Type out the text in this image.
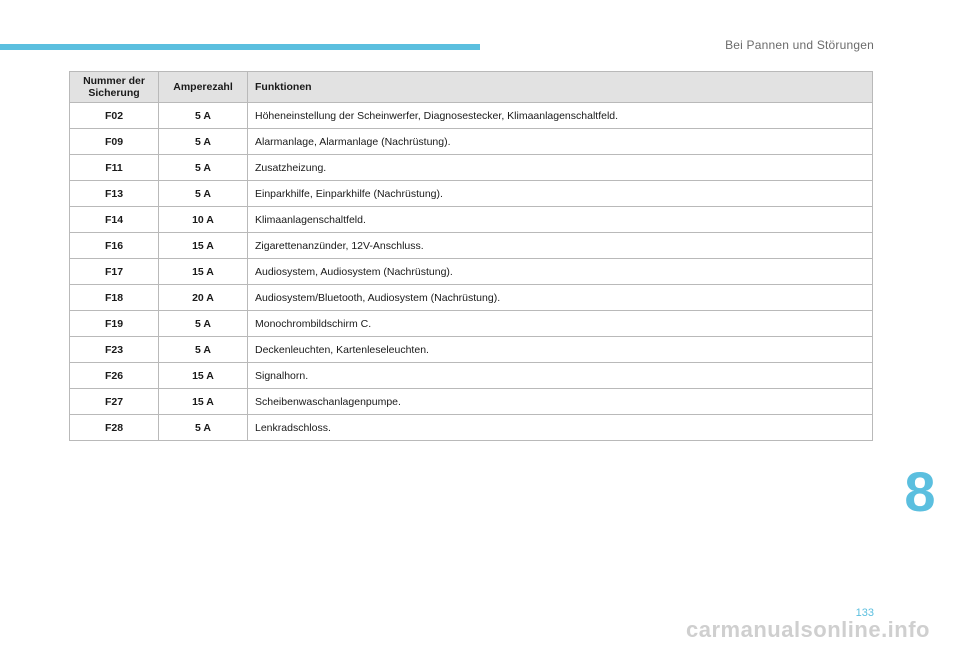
Bei Pannen und Störungen
Nummer der Sicherung	Amperezahl	Funktionen
F02	5 A	Höheneinstellung der Scheinwerfer, Diagnosestecker, Klimaanlagenschaltfeld.
F09	5 A	Alarmanlage, Alarmanlage (Nachrüstung).
F11	5 A	Zusatzheizung.
F13	5 A	Einparkhilfe, Einparkhilfe (Nachrüstung).
F14	10 A	Klimaanlagenschaltfeld.
F16	15 A	Zigarettenanzünder, 12V-Anschluss.
F17	15 A	Audiosystem, Audiosystem (Nachrüstung).
F18	20 A	Audiosystem/Bluetooth, Audiosystem (Nachrüstung).
F19	5 A	Monochrombildschirm C.
F23	5 A	Deckenleuchten, Kartenleseleuchten.
F26	15 A	Signalhorn.
F27	15 A	Scheibenwaschanlagenpumpe.
F28	5 A	Lenkradschloss.
8
133
carmanualsonline.info
